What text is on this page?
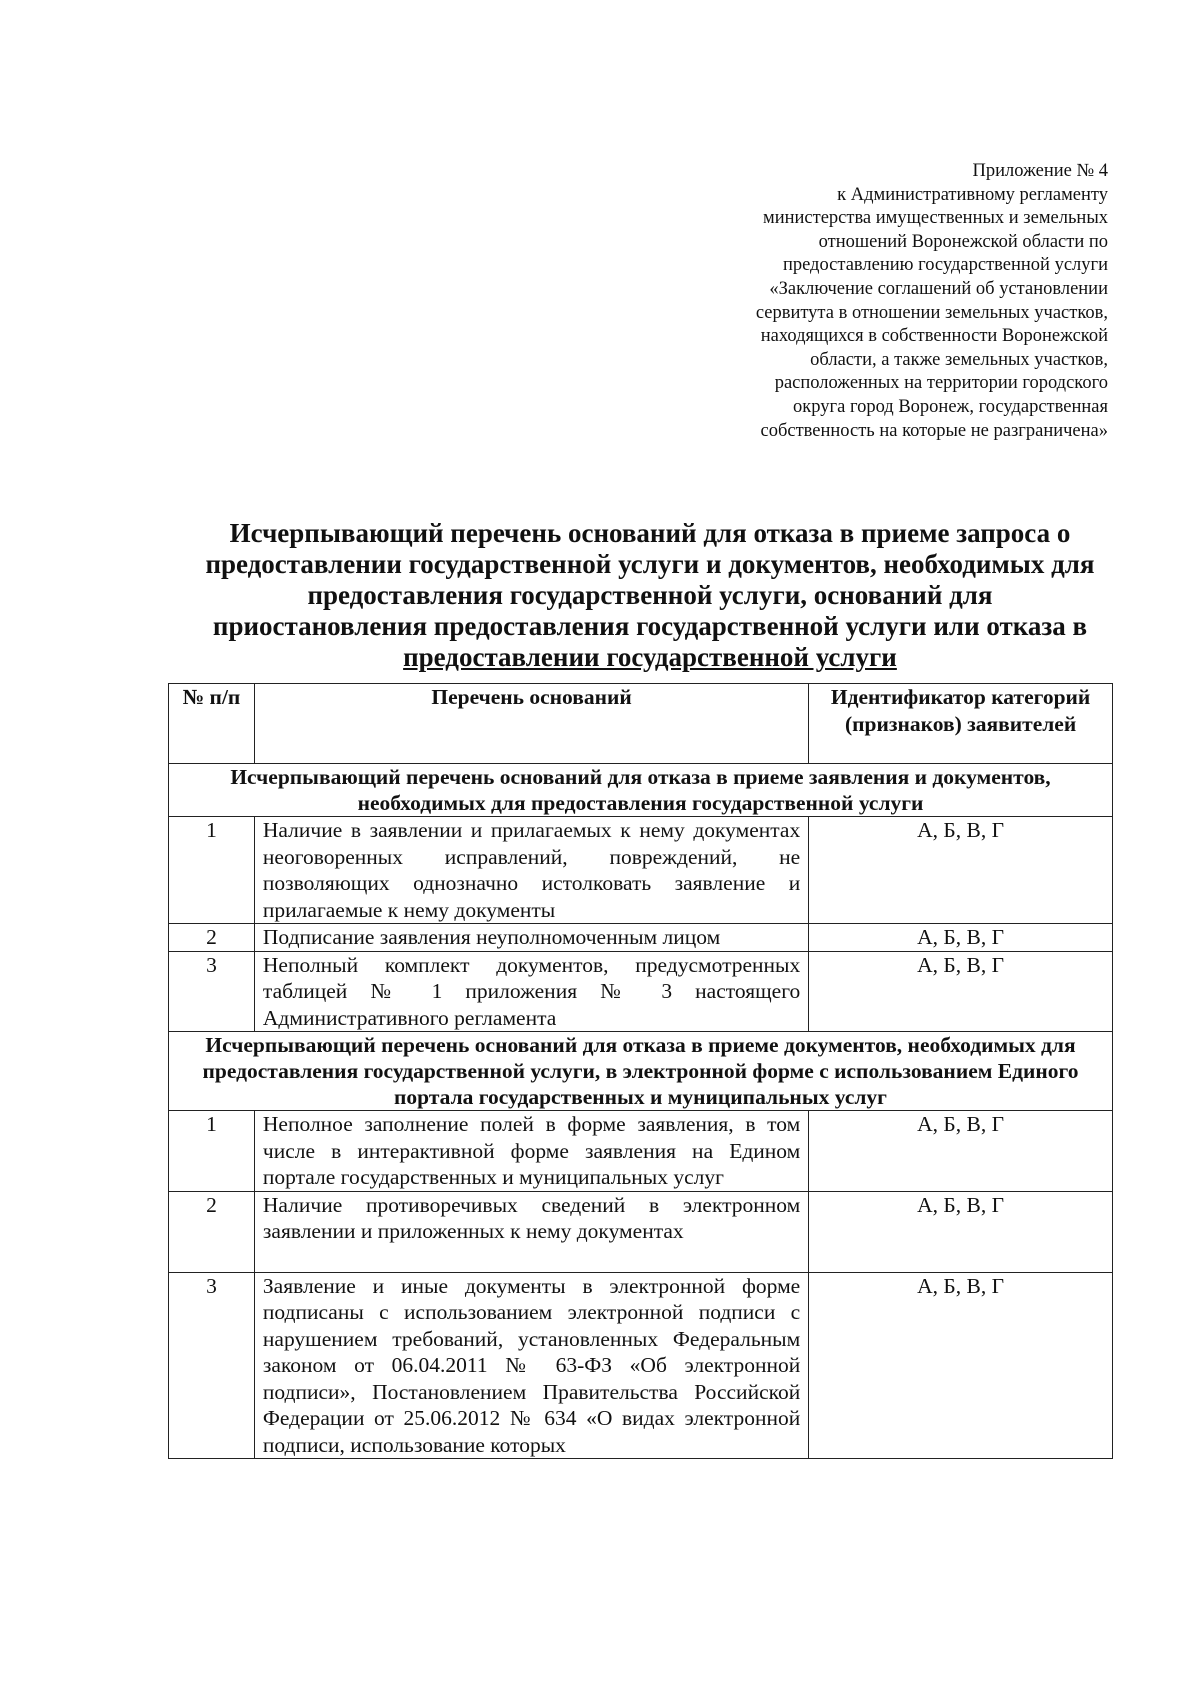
Приложение № 4
к Административному регламенту
министерства имущественных и земельных
отношений Воронежской области по
предоставлению государственной услуги
«Заключение соглашений об установлении
сервитута в отношении земельных участков,
находящихся в собственности Воронежской
области, а также земельных участков,
расположенных на территории городского
округа город Воронеж, государственная
собственность на которые не разграничена»
Исчерпывающий перечень оснований для отказа в приеме запроса о
предоставлении государственной услуги и документов, необходимых для
предоставления государственной услуги, оснований для
приостановления предоставления государственной услуги или отказа в
предоставлении государственной услуги
№ п/п	Перечень оснований	Идентификатор категорий (признаков) заявителей
Исчерпывающий перечень оснований для отказа в приеме заявления и документов, необходимых для предоставления государственной услуги		
1	Наличие в заявлении и прилагаемых к нему документах неоговоренных исправлений, повреждений, не позволяющих однозначно истолковать заявление и прилагаемые к нему документы	А, Б, В, Г
2	Подписание заявления неуполномоченным лицом	А, Б, В, Г
3	Неполный комплект документов, предусмотренных таблицей № 1 приложения № 3 настоящего Административного регламента	А, Б, В, Г
Исчерпывающий перечень оснований для отказа в приеме документов, необходимых для предоставления государственной услуги, в электронной форме с использованием Единого портала государственных и муниципальных услуг		
1	Неполное заполнение полей в форме заявления, в том числе в интерактивной форме заявления на Едином портале государственных и муниципальных услуг	А, Б, В, Г
2	Наличие противоречивых сведений в электронном заявлении и приложенных к нему документах	А, Б, В, Г
3	Заявление и иные документы в электронной форме подписаны с использованием электронной подписи с нарушением требований, установленных Федеральным законом от 06.04.2011 № 63-ФЗ «Об электронной подписи», Постановлением Правительства Российской Федерации от 25.06.2012 № 634 «О видах электронной подписи, использование которых	А, Б, В, Г
